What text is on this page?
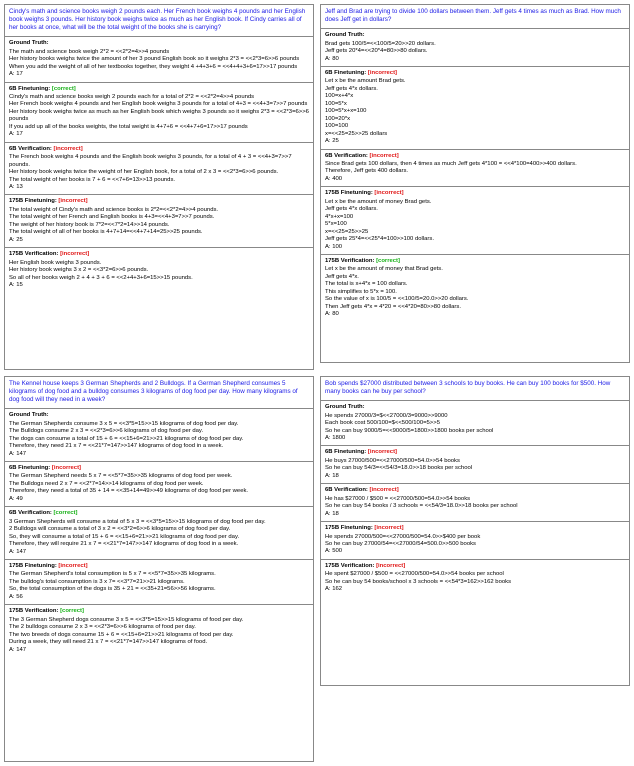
Cindy's math and science books weigh 2 pounds each. Her French book weighs 4 pounds and her English book weighs 3 pounds. Her history book weighs twice as much as her English book. If Cindy carries all of her books at once, what will be the total weight of the books she is carrying?
Ground Truth:
The math and science book weigh 2*2 = <<2*2=4>>4 pounds
Her history books weighs twice the amount of her 3 pound English book so it weighs 2*3 = <<2*3=6>>6 pounds
When you add the weight of all of her textbooks together, they weight 4 +4+3+6 = <<4+4+3+6=17>>17 pounds
A: 17
6B Finetuning: [correct]
Cindy's math and science books weigh 2 pounds each for a total of 2*2 = <<2*2=4>>4 pounds
Her French book weighs 4 pounds and her English book weighs 3 pounds for a total of 4+3 = <<4+3=7>>7 pounds
Her history book weighs twice as much as her English book which weighs 3 pounds so it weighs 2*3 = <<2*3=6>>6 pounds
If you add up all of the books weights, the total weight is 4+7+6 = <<4+7+6=17>>17 pounds
A: 17
6B Verification: [incorrect]
The French book weighs 4 pounds and the English book weighs 3 pounds, for a total of 4 + 3 = <<4+3=7>>7 pounds.
Her history book weighs twice the weight of her English book, for a total of 2 x 3 = <<2*3=6>>6 pounds.
The total weight of her books is 7 + 6 = <<7+6=13>>13 pounds.
A: 13
175B Finetuning: [incorrect]
The total weight of Cindy's math and science books is 2*2=<<2*2=4>>4 pounds.
The total weight of her French and English books is 4+3=<<4+3=7>>7 pounds.
The weight of her history book is 7*2=<<7*2=14>>14 pounds.
The total weight of all of her books is 4+7+14=<<4+7+14=25>>25 pounds.
A: 25
175B Verification: [incorrect]
Her English book weighs 3 pounds.
Her history book weighs 3 x 2 = <<3*2=6>>6 pounds.
So all of her books weigh 2 + 4 + 3 + 6 = <<2+4+3+6=15>>15 pounds.
A: 15
Jeff and Brad are trying to divide 100 dollars between them. Jeff gets 4 times as much as Brad. How much does Jeff get in dollars?
Ground Truth:
Brad gets 100/5=<<100/5=20>>20 dollars.
Jeff gets 20*4=<<20*4=80>>80 dollars.
A: 80
6B Finetuning: [incorrect]
Let x be the amount Brad gets.
Jeff gets 4*x dollars.
100=x+4*x
100=5*x
100=5*x+x=100
100=20*x
100=100
x=<<25=25>>25 dollars
A: 25
6B Verification: [incorrect]
Since Brad gets 100 dollars, then 4 times as much Jeff gets 4*100 = <<4*100=400>>400 dollars.
Therefore, Jeff gets 400 dollars.
A: 400
175B Finetuning: [incorrect]
Let x be the amount of money Brad gets.
Jeff gets 4*x dollars.
4*x+x=100
5*x=100
x=<<25=25>>25
Jeff gets 25*4=<<25*4=100>>100 dollars.
A: 100
175B Verification: [correct]
Let x be the amount of money that Brad gets.
Jeff gets 4*x.
The total is x+4*x = 100 dollars.
This simplifies to 5*x = 100.
So the value of x is 100/5 = <<100/5=20.0>>20 dollars.
Then Jeff gets 4*x = 4*20 = <<4*20=80>>80 dollars.
A: 80
The Kennel house keeps 3 German Shepherds and 2 Bulldogs. If a German Shepherd consumes 5 kilograms of dog food and a bulldog consumes 3 kilograms of dog food per day. How many kilograms of dog food will they need in a week?
Ground Truth:
The German Shepherds consume 3 x 5 = <<3*5=15>>15 kilograms of dog food per day.
The Bulldogs consume 2 x 3 = <<2*3=6>>6 kilograms of dog food per day.
The dogs can consume a total of 15 + 6 = <<15+6=21>>21 kilograms of dog food per day.
Therefore, they need 21 x 7 = <<21*7=147>>147 kilograms of dog food in a week.
A: 147
6B Finetuning: [incorrect]
The German Shepherd needs 5 x 7 = <<5*7=35>>35 kilograms of dog food per week.
The Bulldogs need 2 x 7 = <<2*7=14>>14 kilograms of dog food per week.
Therefore, they need a total of 35 + 14 = <<35+14=49>>49 kilograms of dog food per week.
A: 49
6B Verification: [correct]
3 German Shepherds will consume a total of 5 x 3 = <<3*5=15>>15 kilograms of dog food per day.
2 Bulldogs will consume a total of 3 x 2 = <<3*2=6>>6 kilograms of dog food per day.
So, they will consume a total of 15 + 6 = <<15+6=21>>21 kilograms of dog food per day.
Therefore, they will require 21 x 7 = <<21*7=147>>147 kilograms of dog food in a week.
A: 147
175B Finetuning: [incorrect]
The German Shepherd's total consumption is 5 x 7 = <<5*7=35>>35 kilograms.
The bulldog's total consumption is 3 x 7= <<3*7=21>>21 kilograms.
So, the total consumption of the dogs is 35 + 21 = <<35+21=56>>56 kilograms.
A: 56
175B Verification: [correct]
The 3 German Shepherd dogs consume 3 x 5 = <<3*5=15>>15 kilograms of food per day.
The 2 bulldogs consume 2 x 3 = <<2*3=6>>6 kilograms of food per day.
The two breeds of dogs consume 15 + 6 = <<15+6=21>>21 kilograms of food per day.
During a week, they will need 21 x 7 = <<21*7=147>>147 kilograms of food.
A: 147
Bob spends $27000 distributed between 3 schools to buy books. He can buy 100 books for $500. How many books can he buy per school?
Ground Truth:
He spends 27000/3=$<<27000/3=9000>>9000
Each book cost 500/100=$<<500/100=5>>5
So he can buy 9000/5=<<9000/5=1800>>1800 books per school
A: 1800
6B Finetuning: [incorrect]
He buys 27000/500=<<27000/500=54.0>>54 books
So he can buy 54/3=<<54/3=18.0>>18 books per school
A: 18
6B Verification: [incorrect]
He has $27000 / $500 = <<27000/500=54.0>>54 books
So he can buy 54 books / 3 schools = <<54/3=18.0>>18 books per school
A: 18
175B Finetuning: [incorrect]
He spends 27000/500=<<27000/500=54.0>>$400 per book
So he can buy 27000/54=<<27000/54=500.0>>500 books
A: 500
175B Verification: [incorrect]
He spent $27000 / $500 = <<27000/500=54.0>>54 books per school
So he can buy 54 books/school x 3 schools = <<54*3=162>>162 books
A: 162
